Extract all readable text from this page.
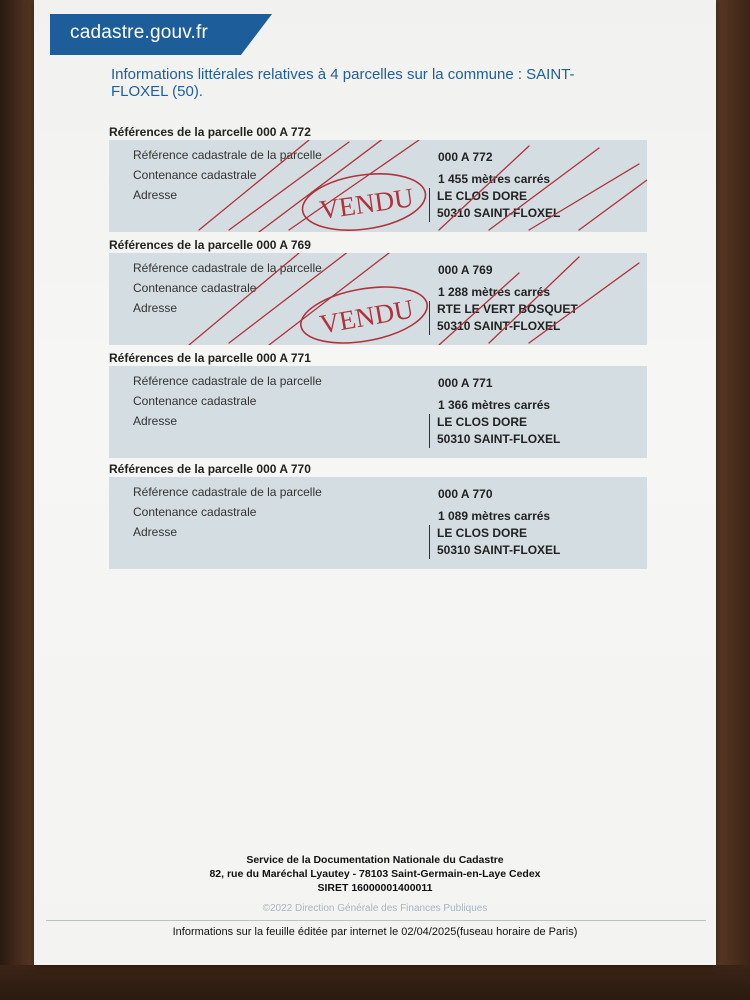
cadastre.gouv.fr
Informations littérales relatives à 4 parcelles sur la commune : SAINT-FLOXEL (50).
Références de la parcelle 000 A 772
Référence cadastrale de la parcelle
Contenance cadastrale
Adresse
000 A 772
1 455 mètres carrés
LE CLOS DORE
50310 SAINT-FLOXEL
VENDU
Références de la parcelle 000 A 769
Référence cadastrale de la parcelle
Contenance cadastrale
Adresse
000 A 769
1 288 mètres carrés
RTE LE VERT BOSQUET
50310 SAINT-FLOXEL
VENDU
Références de la parcelle 000 A 771
Référence cadastrale de la parcelle
Contenance cadastrale
Adresse
000 A 771
1 366 mètres carrés
LE CLOS DORE
50310 SAINT-FLOXEL
Références de la parcelle 000 A 770
Référence cadastrale de la parcelle
Contenance cadastrale
Adresse
000 A 770
1 089 mètres carrés
LE CLOS DORE
50310 SAINT-FLOXEL
Service de la Documentation Nationale du Cadastre
82, rue du Maréchal Lyautey - 78103 Saint-Germain-en-Laye Cedex
SIRET 16000001400011
©2022 Direction Générale des Finances Publiques
Informations sur la feuille éditée par internet le 02/04/2025(fuseau horaire de Paris)
